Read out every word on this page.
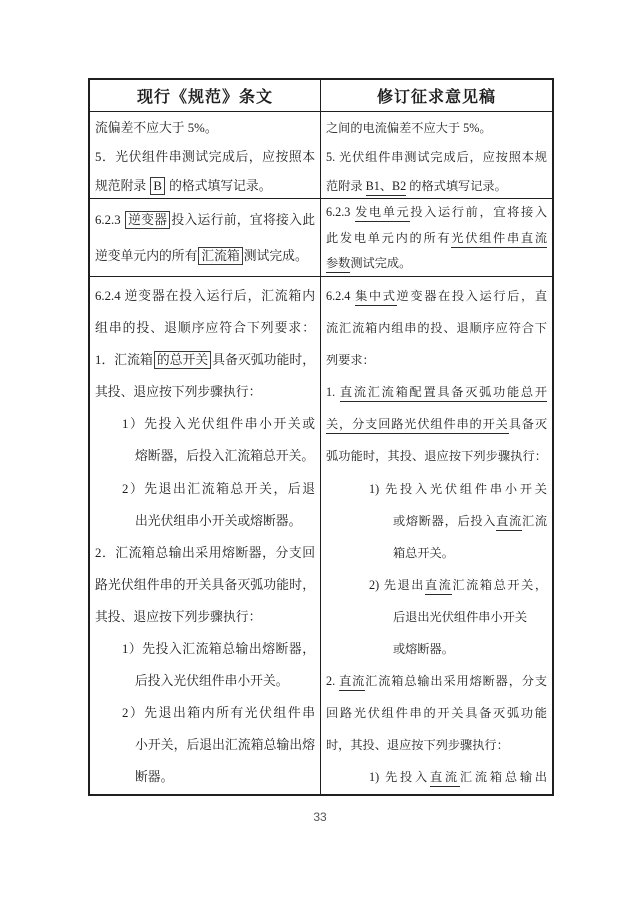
现行《规范》条文	修订征求意见稿
流偏差不应大于 5%。
5．光伏组件串测试完成后，应按照本
规范附录 B 的格式填写记录。
之间的电流偏差不应大于 5%。
5. 光伏组件串测试完成后，应按照本规
范附录 B1、B2 的格式填写记录。
6.2.3 逆变器 投入运行前，宜将接入此
逆变单元内的所有 汇流箱 测试完成。
6.2.3 发电单元投入运行前，宜将接入
此发电单元内的所有光伏组件串直流
参数测试完成。
6.2.4 逆变器在投入运行后，汇流箱内
组串的投、退顺序应符合下列要求：
1．汇流箱 的总开关 具备灭弧功能时，
其投、退应按下列步骤执行：
1）先投入光伏组件串小开关或
熔断器，后投入汇流箱总开关。
2）先退出汇流箱总开关，后退
出光伏组串小开关或熔断器。
2．汇流箱总输出采用熔断器，分支回
路光伏组件串的开关具备灭弧功能时，
其投、退应按下列步骤执行：
1）先投入汇流箱总输出熔断器，
后投入光伏组件串小开关。
2）先退出箱内所有光伏组件串
小开关，后退出汇流箱总输出熔
断器。
6.2.4 集中式逆变器在投入运行后，直
流汇流箱内组串的投、退顺序应符合下
列要求：
1. 直流汇流箱配置具备灭弧功能总开
关，分支回路光伏组件串的开关具备灭
弧功能时，其投、退应按下列步骤执行：
1) 先投入光伏组件串小开关
或熔断器，后投入直流汇流
箱总开关。
2) 先退出直流汇流箱总开关，
后退出光伏组件串小开关
或熔断器。
2. 直流汇流箱总输出采用熔断器，分支
回路光伏组件串的开关具备灭弧功能
时，其投、退应按下列步骤执行：
1) 先投入直流汇流箱总输出
33
